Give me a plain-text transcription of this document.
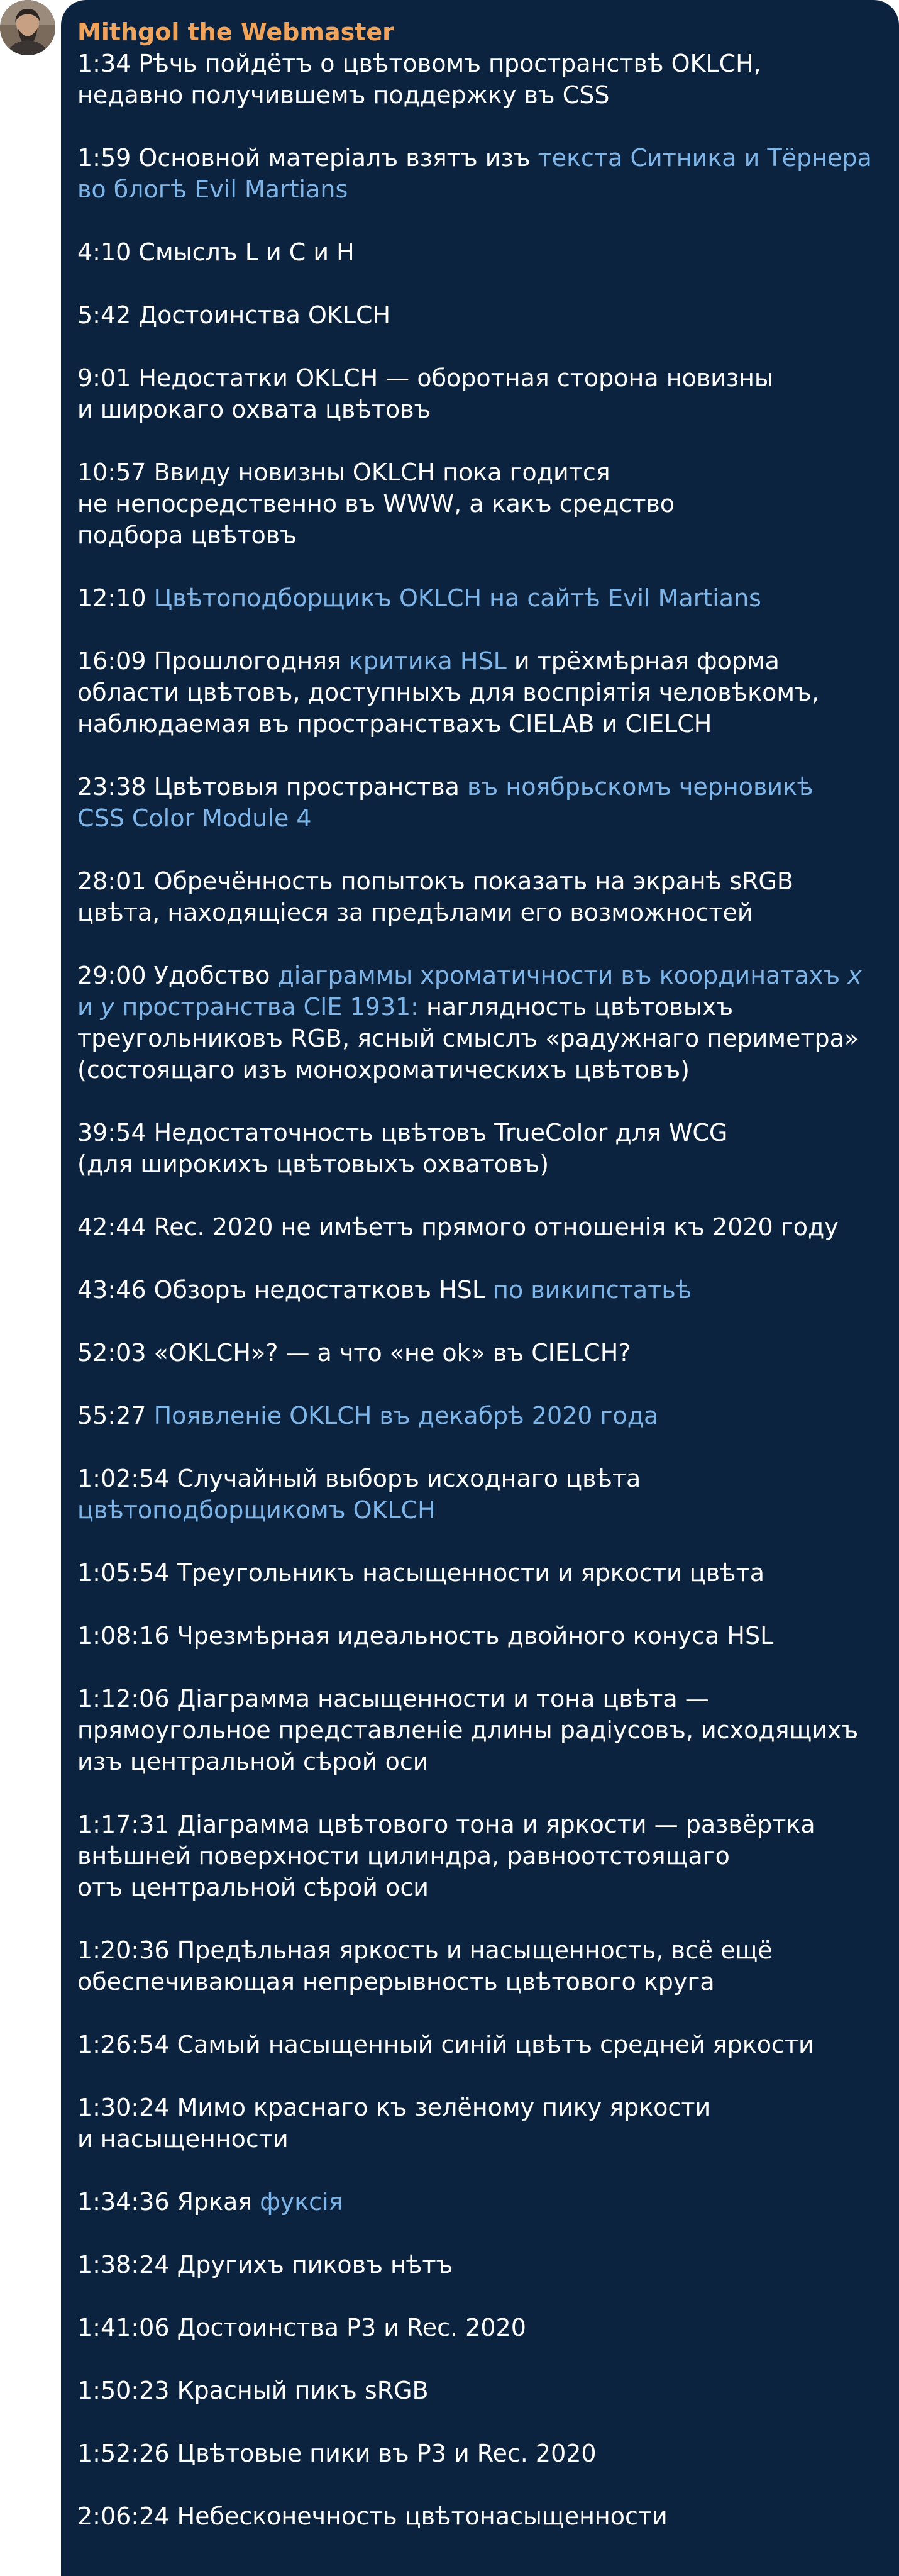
Mithgol the Webmaster
1:34 Рѣчь пойдётъ о цвѣтовомъ пространствѣ OKLCH,
недавно получившемъ поддержку въ CSS
1:59 Основной матеріалъ взятъ изъ текста Ситника и Тёрнера
во блогѣ Evil Martians
4:10 Смыслъ L и C и H
5:42 Достоинства OKLCH
9:01 Недостатки OKLCH — оборотная сторона новизны
и широкаго охвата цвѣтовъ
10:57 Ввиду новизны OKLCH пока годится
не непосредственно въ WWW, а какъ средство
подбора цвѣтовъ
12:10 Цвѣтоподборщикъ OKLCH на сайтѣ Evil Martians
16:09 Прошлогодняя критика HSL и трёхмѣрная форма
области цвѣтовъ, доступныхъ для воспріятія человѣкомъ,
наблюдаемая въ пространствахъ CIELAB и CIELCH
23:38 Цвѣтовыя пространства въ ноябрьскомъ черновикѣ
CSS Color Module 4
28:01 Обречённость попытокъ показать на экранѣ sRGB
цвѣта, находящіеся за предѣлами его возможностей
29:00 Удобство діаграммы хроматичности въ координатахъ x
и y пространства CIE 1931: наглядность цвѣтовыхъ
треугольниковъ RGB, ясный смыслъ «радужнаго периметра»
(состоящаго изъ монохроматическихъ цвѣтовъ)
39:54 Недостаточность цвѣтовъ TrueColor для WCG
(для широкихъ цвѣтовыхъ охватовъ)
42:44 Rec. 2020 не имѣетъ прямого отношенія къ 2020 году
43:46 Обзоръ недостатковъ HSL по википстатьѣ
52:03 «OKLCH»? — а что «не ok» въ CIELCH?
55:27 Появленіе OKLCH въ декабрѣ 2020 года
1:02:54 Случайный выборъ исходнаго цвѣта
цвѣтоподборщикомъ OKLCH
1:05:54 Треугольникъ насыщенности и яркости цвѣта
1:08:16 Чрезмѣрная идеальность двойного конуса HSL
1:12:06 Діаграмма насыщенности и тона цвѣта —
прямоугольное представленіе длины радіусовъ, исходящихъ
изъ центральной сѣрой оси
1:17:31 Діаграмма цвѣтового тона и яркости — развёртка
внѣшней поверхности цилиндра, равноотстоящаго
отъ центральной сѣрой оси
1:20:36 Предѣльная яркость и насыщенность, всё ещё
обеспечивающая непрерывность цвѣтового круга
1:26:54 Самый насыщенный синій цвѣтъ средней яркости
1:30:24 Мимо краснаго къ зелёному пику яркости
и насыщенности
1:34:36 Яркая фуксія
1:38:24 Другихъ пиковъ нѣтъ
1:41:06 Достоинства P3 и Rec. 2020
1:50:23 Красный пикъ sRGB
1:52:26 Цвѣтовые пики въ P3 и Rec. 2020
2:06:24 Небесконечность цвѣтонасыщенности
